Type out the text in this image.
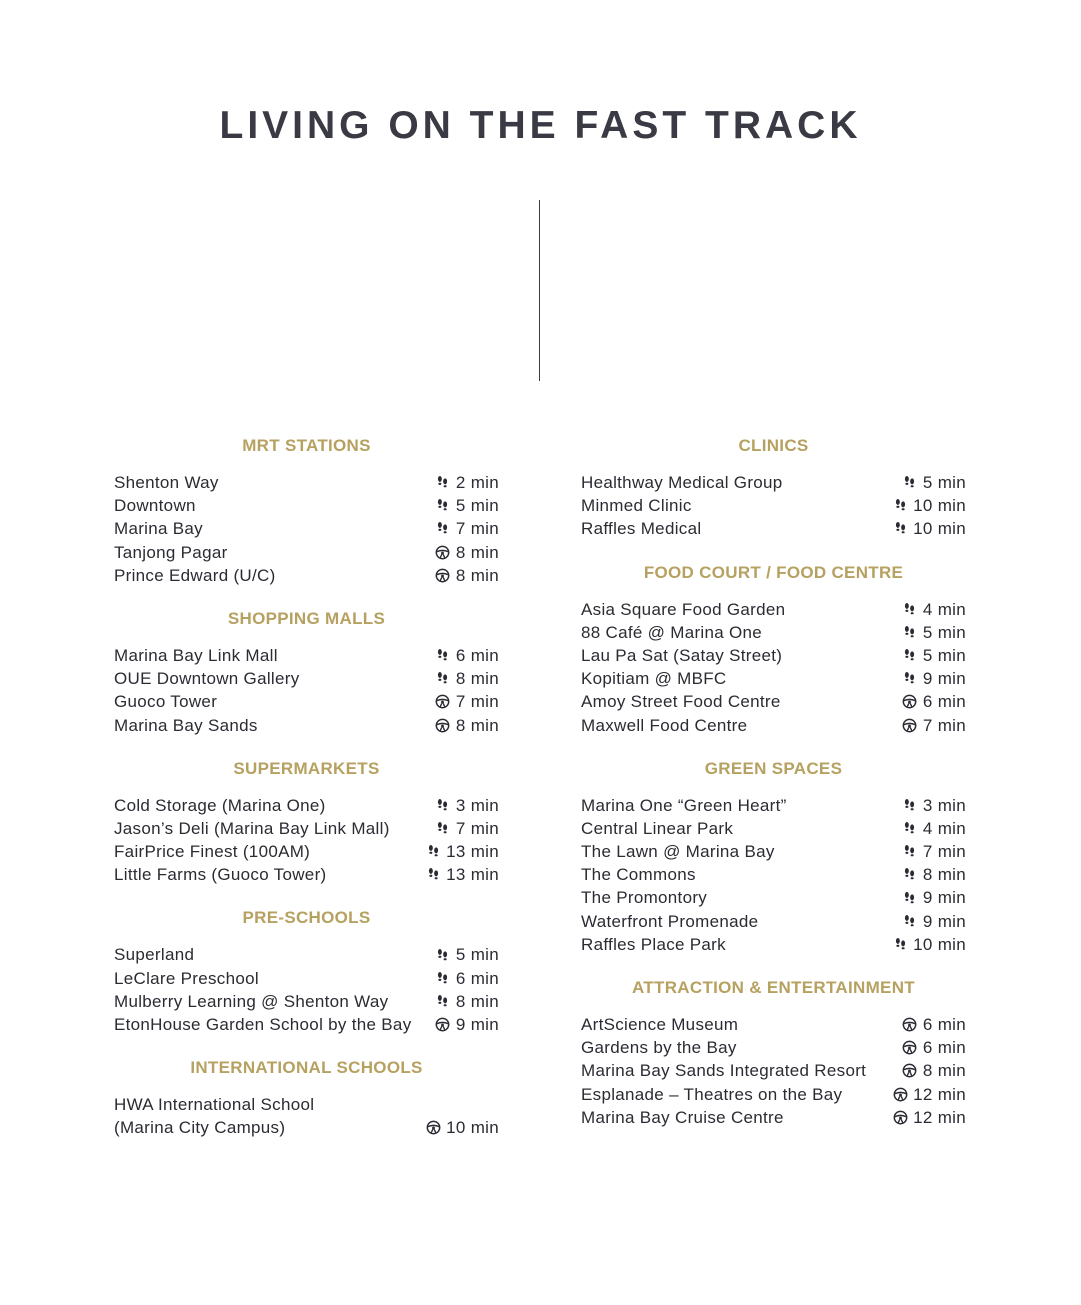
LIVING ON THE FAST TRACK
MRT STATIONS
Shenton Way	2 min
Downtown	5 min
Marina Bay	7 min
Tanjong Pagar	8 min
Prince Edward (U/C)	8 min
SHOPPING MALLS
Marina Bay Link Mall	6 min
OUE Downtown Gallery	8 min
Guoco Tower	7 min
Marina Bay Sands	8 min
SUPERMARKETS
Cold Storage (Marina One)	3 min
Jason’s Deli (Marina Bay Link Mall)	7 min
FairPrice Finest (100AM)	13 min
Little Farms (Guoco Tower)	13 min
PRE-SCHOOLS
Superland	5 min
LeClare Preschool	6 min
Mulberry Learning @ Shenton Way	8 min
EtonHouse Garden School by the Bay	9 min
INTERNATIONAL SCHOOLS
HWA International School
(Marina City Campus)	10 min
CLINICS
Healthway Medical Group	5 min
Minmed Clinic	10 min
Raffles Medical	10 min
FOOD COURT / FOOD CENTRE
Asia Square Food Garden	4 min
88 Café @ Marina One	5 min
Lau Pa Sat (Satay Street)	5 min
Kopitiam @ MBFC	9 min
Amoy Street Food Centre	6 min
Maxwell Food Centre	7 min
GREEN SPACES
Marina One “Green Heart”	3 min
Central Linear Park	4 min
The Lawn @ Marina Bay	7 min
The Commons	8 min
The Promontory	9 min
Waterfront Promenade	9 min
Raffles Place Park	10 min
ATTRACTION & ENTERTAINMENT
ArtScience Museum	6 min
Gardens by the Bay	6 min
Marina Bay Sands Integrated Resort	8 min
Esplanade – Theatres on the Bay	12 min
Marina Bay Cruise Centre	12 min
